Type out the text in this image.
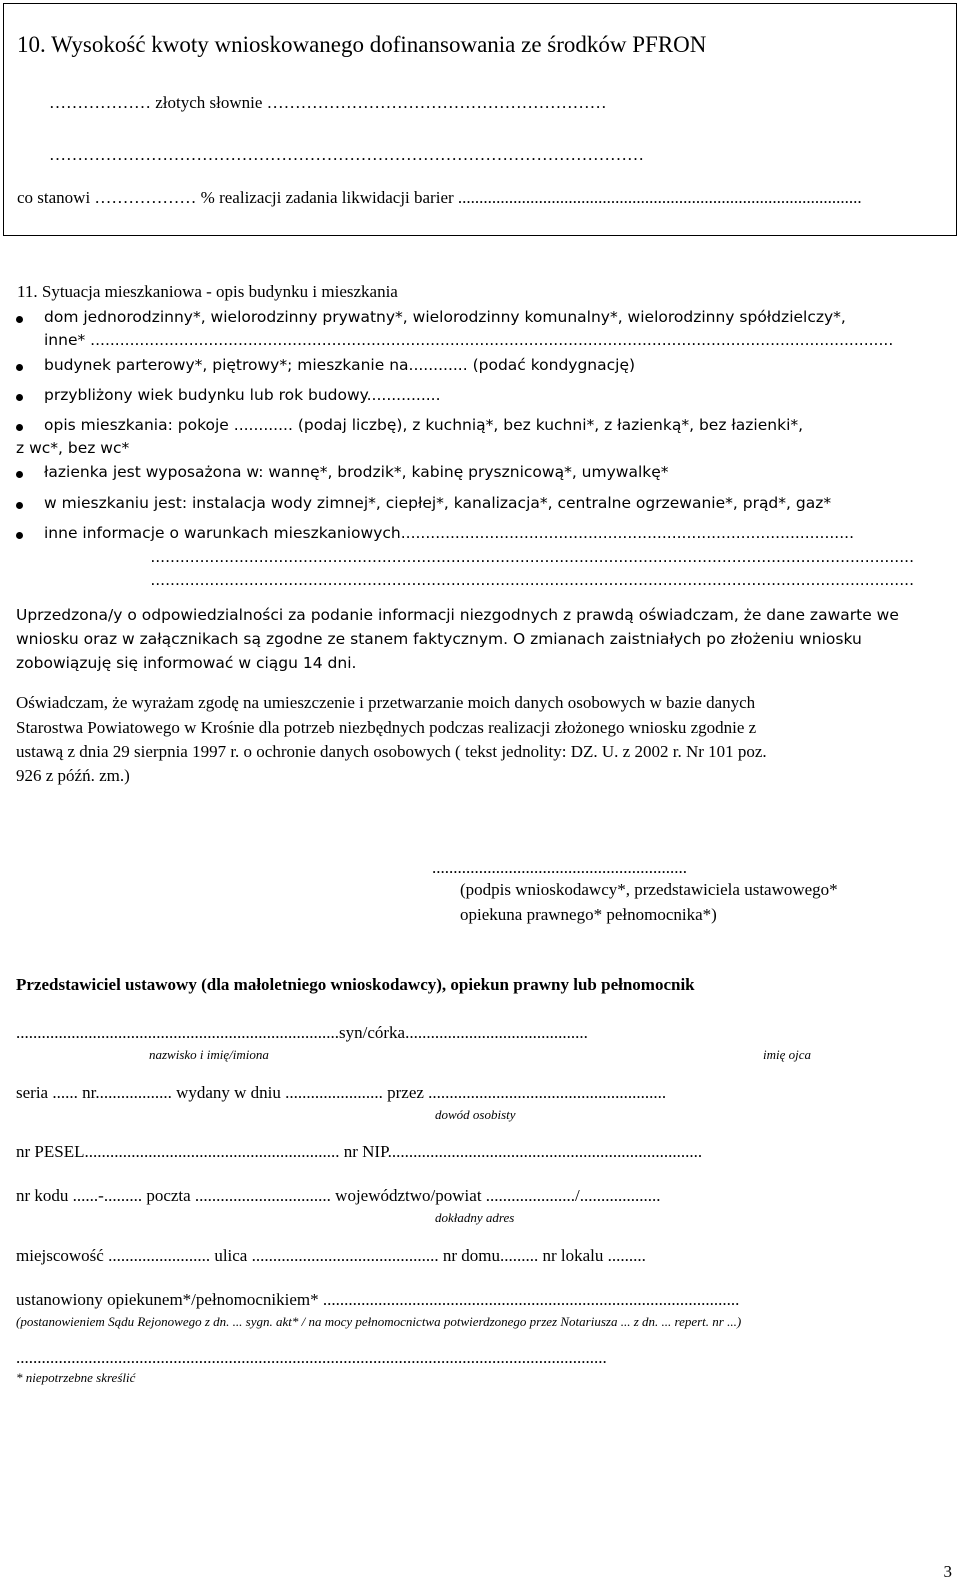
10. Wysokość kwoty wnioskowanego dofinansowania ze środków PFRON
……………… złotych słownie ……………………………………………………
……………………………………………………………………………………………
co stanowi ……………… % realizacji zadania likwidacji barier ...............................................................................................
11. Sytuacja mieszkaniowa - opis budynku i mieszkania
dom jednorodzinny*, wielorodzinny prywatny*, wielorodzinny komunalny*, wielorodzinny spółdzielczy*,
inne* ...................................................................................................................................................................
budynek parterowy*, piętrowy*; mieszkanie na............ (podać kondygnację)
przybliżony wiek budynku lub rok budowy...............
opis mieszkania: pokoje ............ (podaj liczbę), z kuchnią*, bez kuchni*, z łazienką*, bez łazienki*,
z wc*, bez wc*
łazienka jest wyposażona w: wannę*, brodzik*, kabinę prysznicową*, umywalkę*
w mieszkaniu jest: instalacja wody zimnej*, ciepłej*, kanalizacja*, centralne ogrzewanie*, prąd*, gaz*
inne informacje o warunkach mieszkaniowych............................................................................................
...........................................................................................................................................................
...........................................................................................................................................................
Uprzedzona/y o odpowiedzialności za podanie informacji niezgodnych z prawdą oświadczam, że dane zawarte we
wniosku oraz w załącznikach są zgodne ze stanem faktycznym. O zmianach zaistniałych po złożeniu wniosku
zobowiązuję się informować w ciągu 14 dni.
Oświadczam, że wyrażam zgodę na umieszczenie i przetwarzanie moich danych osobowych w bazie danych
Starostwa Powiatowego w Krośnie dla potrzeb niezbędnych podczas realizacji złożonego wniosku zgodnie z
ustawą z dnia 29 sierpnia 1997 r. o ochronie danych osobowych ( tekst jednolity: DZ. U. z 2002 r. Nr 101 poz.
926 z późń. zm.)
............................................................
(podpis wnioskodawcy*, przedstawiciela ustawowego*
opiekuna prawnego* pełnomocnika*)
Przedstawiciel ustawowy (dla małoletniego wnioskodawcy), opiekun prawny lub pełnomocnik
............................................................................syn/córka...........................................
nazwisko i imię/imiona	imię ojca
seria ...... nr.................. wydany w dniu ....................... przez ........................................................
dowód osobisty
nr PESEL............................................................ nr NIP..........................................................................
nr kodu ......-......... poczta ................................ województwo/powiat ...................../...................
dokładny adres
miejscowość ........................ ulica ............................................ nr domu......... nr lokalu .........
ustanowiony opiekunem*/pełnomocnikiem* ..................................................................................................
(postanowieniem Sądu Rejonowego z dn. ... sygn. akt* / na mocy pełnomocnictwa potwierdzonego przez Notariusza ... z dn. ... repert. nr ...)
...........................................................................................................................................
* niepotrzebne skreślić
3
